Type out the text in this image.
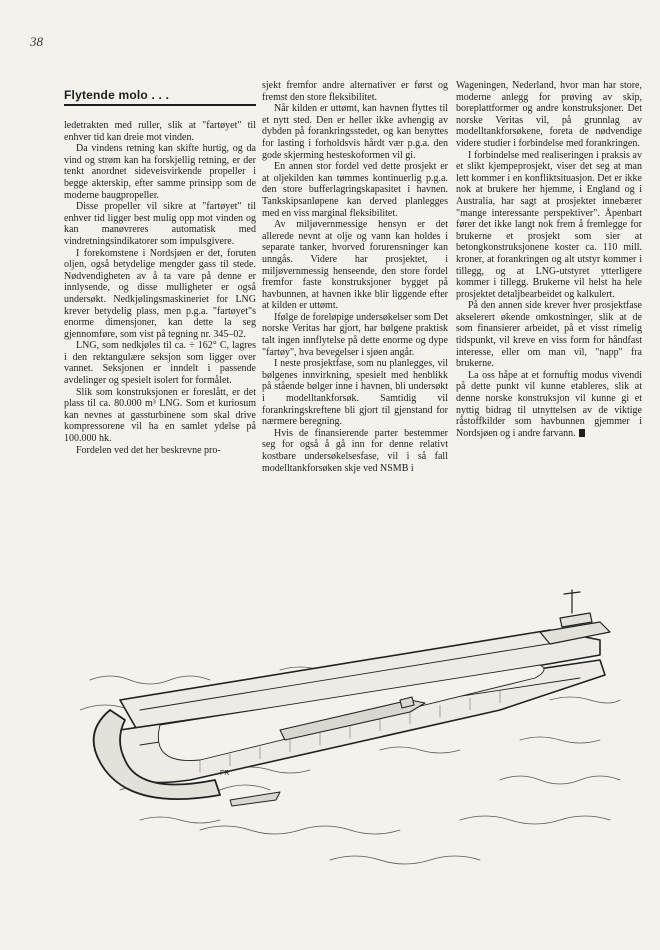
38
Flytende molo . . .

ledetrakten med ruller, slik at "fartøyet" til enhver tid kan dreie mot vinden.

Da vindens retning kan skifte hurtig, og da vind og strøm kan ha forskjellig retning, er der tenkt anordnet sideveisvirkende propeller i begge akterskip, efter samme prinsipp som de moderne baugpropeller.

Disse propeller vil sikre at "fartøyet" til enhver tid ligger best mulig opp mot vinden og kan manøvreres automatisk med vindretningsindikatorer som impulsgivere.

I forekomstene i Nordsjøen er det, foruten oljen, også betydelige mengder gass til stede. Nødvendigheten av å ta vare på denne er innlysende, og disse mulligheter er også undersøkt. Nedkjølingsmaskineriet for LNG krever betydelig plass, men p.g.a. "fartøyet"s enorme dimensjoner, kan dette la seg gjennomføre, som vist på tegning nr. 345–02.

LNG, som nedkjøles til ca. ÷ 162° C, lagres i den rektangulære seksjon som ligger over vannet. Seksjonen er inndelt i passende avdelinger og spesielt isolert for formålet.

Slik som konstruksjonen er foreslått, er det plass til ca. 80.000 m³ LNG. Som et kuriosum kan nevnes at gassturbinene som skal drive kompressorene vil ha en samlet ydelse på 100.000 hk.

Fordelen ved det her beskrevne pro-

sjekt fremfor andre alternativer er først og fremst den store fleksibilitet.

Når kilden er uttømt, kan havnen flyttes til et nytt sted. Den er heller ikke avhengig av dybden på forankringsstedet, og kan benyttes for lasting i forholdsvis hårdt vær p.g.a. den gode skjerming hesteskoformen vil gi.

En annen stor fordel ved dette prosjekt er at oljekilden kan tømmes kontinuerlig p.g.a. den store bufferlagringskapasitet i havnen. Tankskipsanløpene kan derved planlegges med en viss marginal fleksibilitet.

Av miljøvernmessige hensyn er det allerede nevnt at olje og vann kan holdes i separate tanker, hvorved forurensninger kan unngås. Videre har prosjektet, i miljøvernmessig henseende, den store fordel fremfor faste konstruksjoner bygget på havbunnen, at havnen ikke blir liggende efter at kilden er uttømt.

Ifølge de foreløpige undersøkelser som Det norske Veritas har gjort, har bølgene praktisk talt ingen innflytelse på dette enorme og dype "fartøy", hva bevegelser i sjøen angår.

I neste prosjektfase, som nu planlegges, vil bølgenes innvirkning, spesielt med henblikk på stående bølger inne i havnen, bli undersøkt i modelltankforsøk. Samtidig vil forankringskreftene bli gjort til gjenstand for nærmere beregning.

Hvis de finansierende parter bestemmer seg for også å gå inn for denne relativt kostbare undersøkelsesfase, vil i så fall modelltankforsøken skje ved NSMB i

Wageningen, Nederland, hvor man har store, moderne anlegg for prøving av skip, boreplattformer og andre konstruksjoner. Det norske Veritas vil, på grunnlag av modelltankforsøkene, foreta de nødvendige videre studier i forbindelse med forankringen.

I forbindelse med realiseringen i praksis av et slikt kjempeprosjekt, viser det seg at man lett kommer i en konfliktsituasjon. Det er ikke nok at brukere her hjemme, i England og i Australia, har sagt at prosjektet innebærer "mange interessante perspektiver". Åpenbart fører det ikke langt nok frem å fremlegge for brukerne et prosjekt som sier at betongkonstruksjonene koster ca. 110 mill. kroner, at forankringen og alt utstyr kommer i tillegg, og at LNG-utstyret ytterligere kommer i tillegg. Brukerne vil helst ha hele prosjektet detaljbearbeidet og kalkulert.

På den annen side krever hver prosjektfase akselerert økende omkostninger, slik at de som finansierer arbeidet, på et visst rimelig tidspunkt, vil kreve en viss form for håndfast interesse, eller om man vil, "napp" fra brukerne.

La oss håpe at et fornuftig modus vivendi på dette punkt vil kunne etableres, slik at denne norske konstruksjon vil kunne gi et nyttig bidrag til utnyttelsen av de viktige råstoffkilder som havbunnen gjemmer i Nordsjøen og i andre farvann.

FR
